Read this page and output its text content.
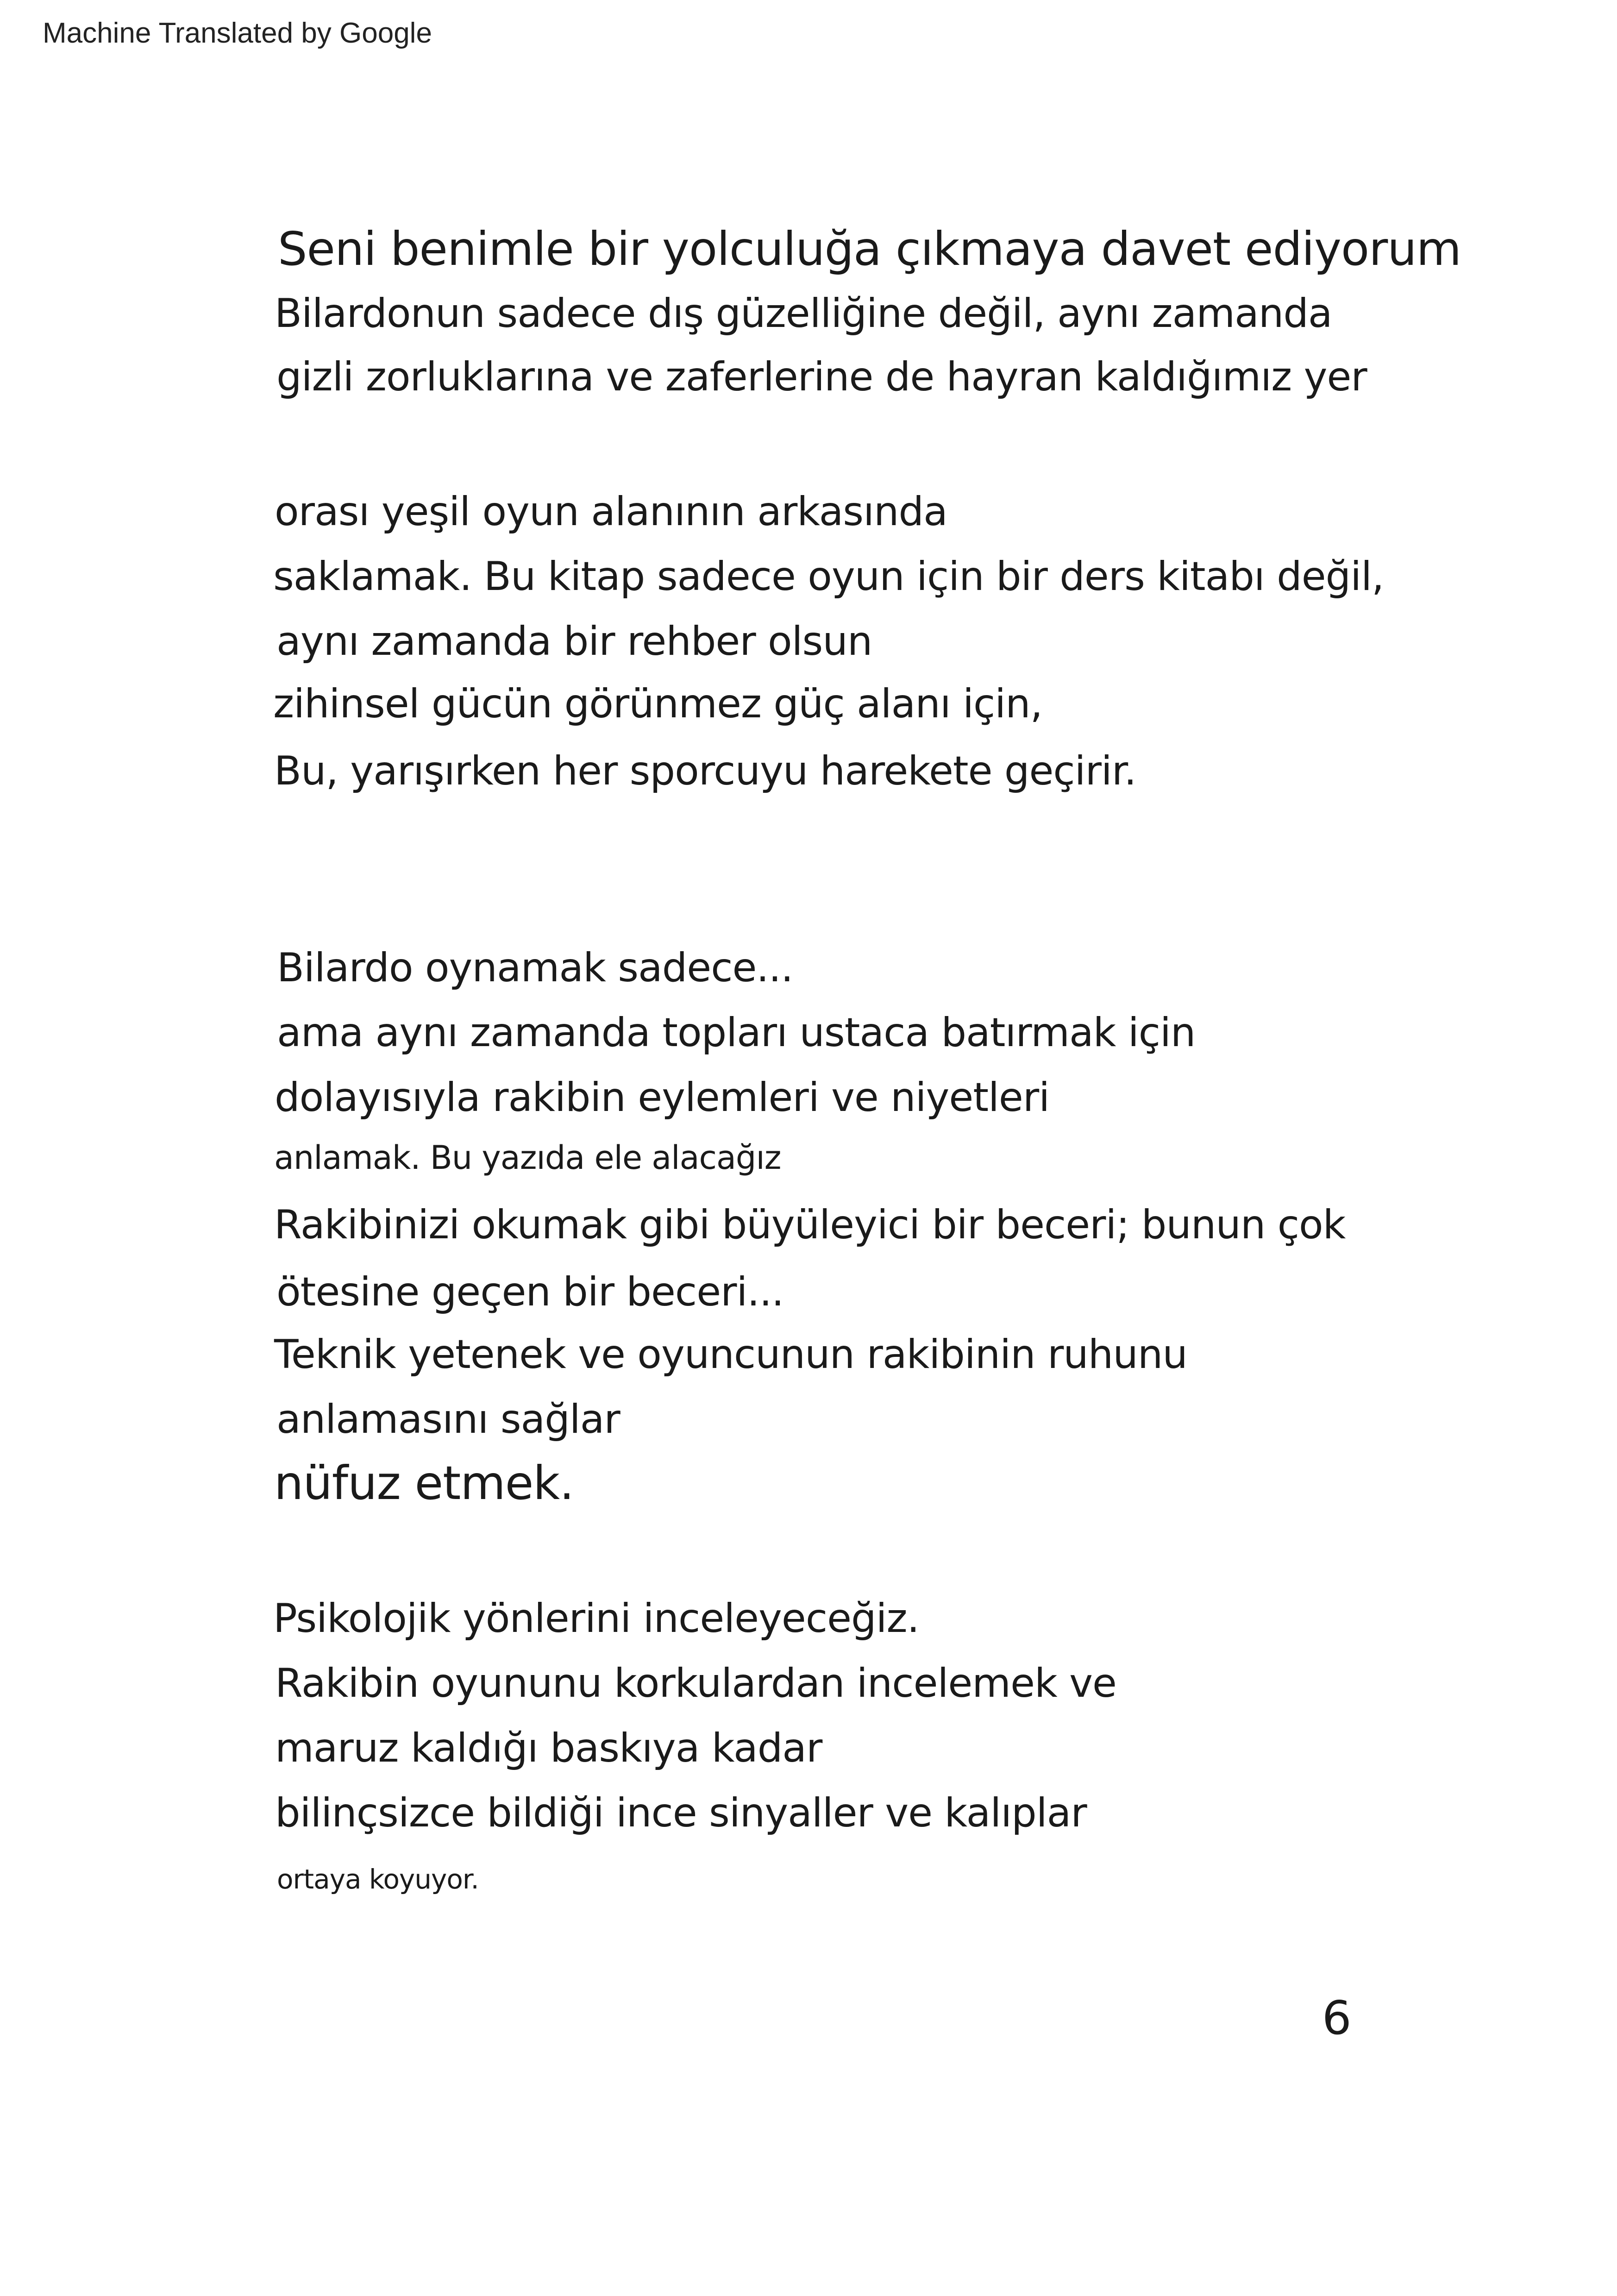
Machine Translated by Google
Seni benimle bir yolculuğa çıkmaya davet ediyorum
Bilardonun sadece dış güzelliğine değil, aynı zamanda
gizli zorluklarına ve zaferlerine de hayran kaldığımız yer
orası yeşil oyun alanının arkasında
saklamak. Bu kitap sadece oyun için bir ders kitabı değil,
aynı zamanda bir rehber olsun
zihinsel gücün görünmez güç alanı için,
Bu, yarışırken her sporcuyu harekete geçirir.
Bilardo oynamak sadece...
ama aynı zamanda topları ustaca batırmak için
dolayısıyla rakibin eylemleri ve niyetleri
anlamak. Bu yazıda ele alacağız
Rakibinizi okumak gibi büyüleyici bir beceri; bunun çok
ötesine geçen bir beceri...
Teknik yetenek ve oyuncunun rakibinin ruhunu
anlamasını sağlar
nüfuz etmek.
Psikolojik yönlerini inceleyeceğiz.
Rakibin oyununu korkulardan incelemek ve
maruz kaldığı baskıya kadar
bilinçsizce bildiği ince sinyaller ve kalıplar
ortaya koyuyor.
6
